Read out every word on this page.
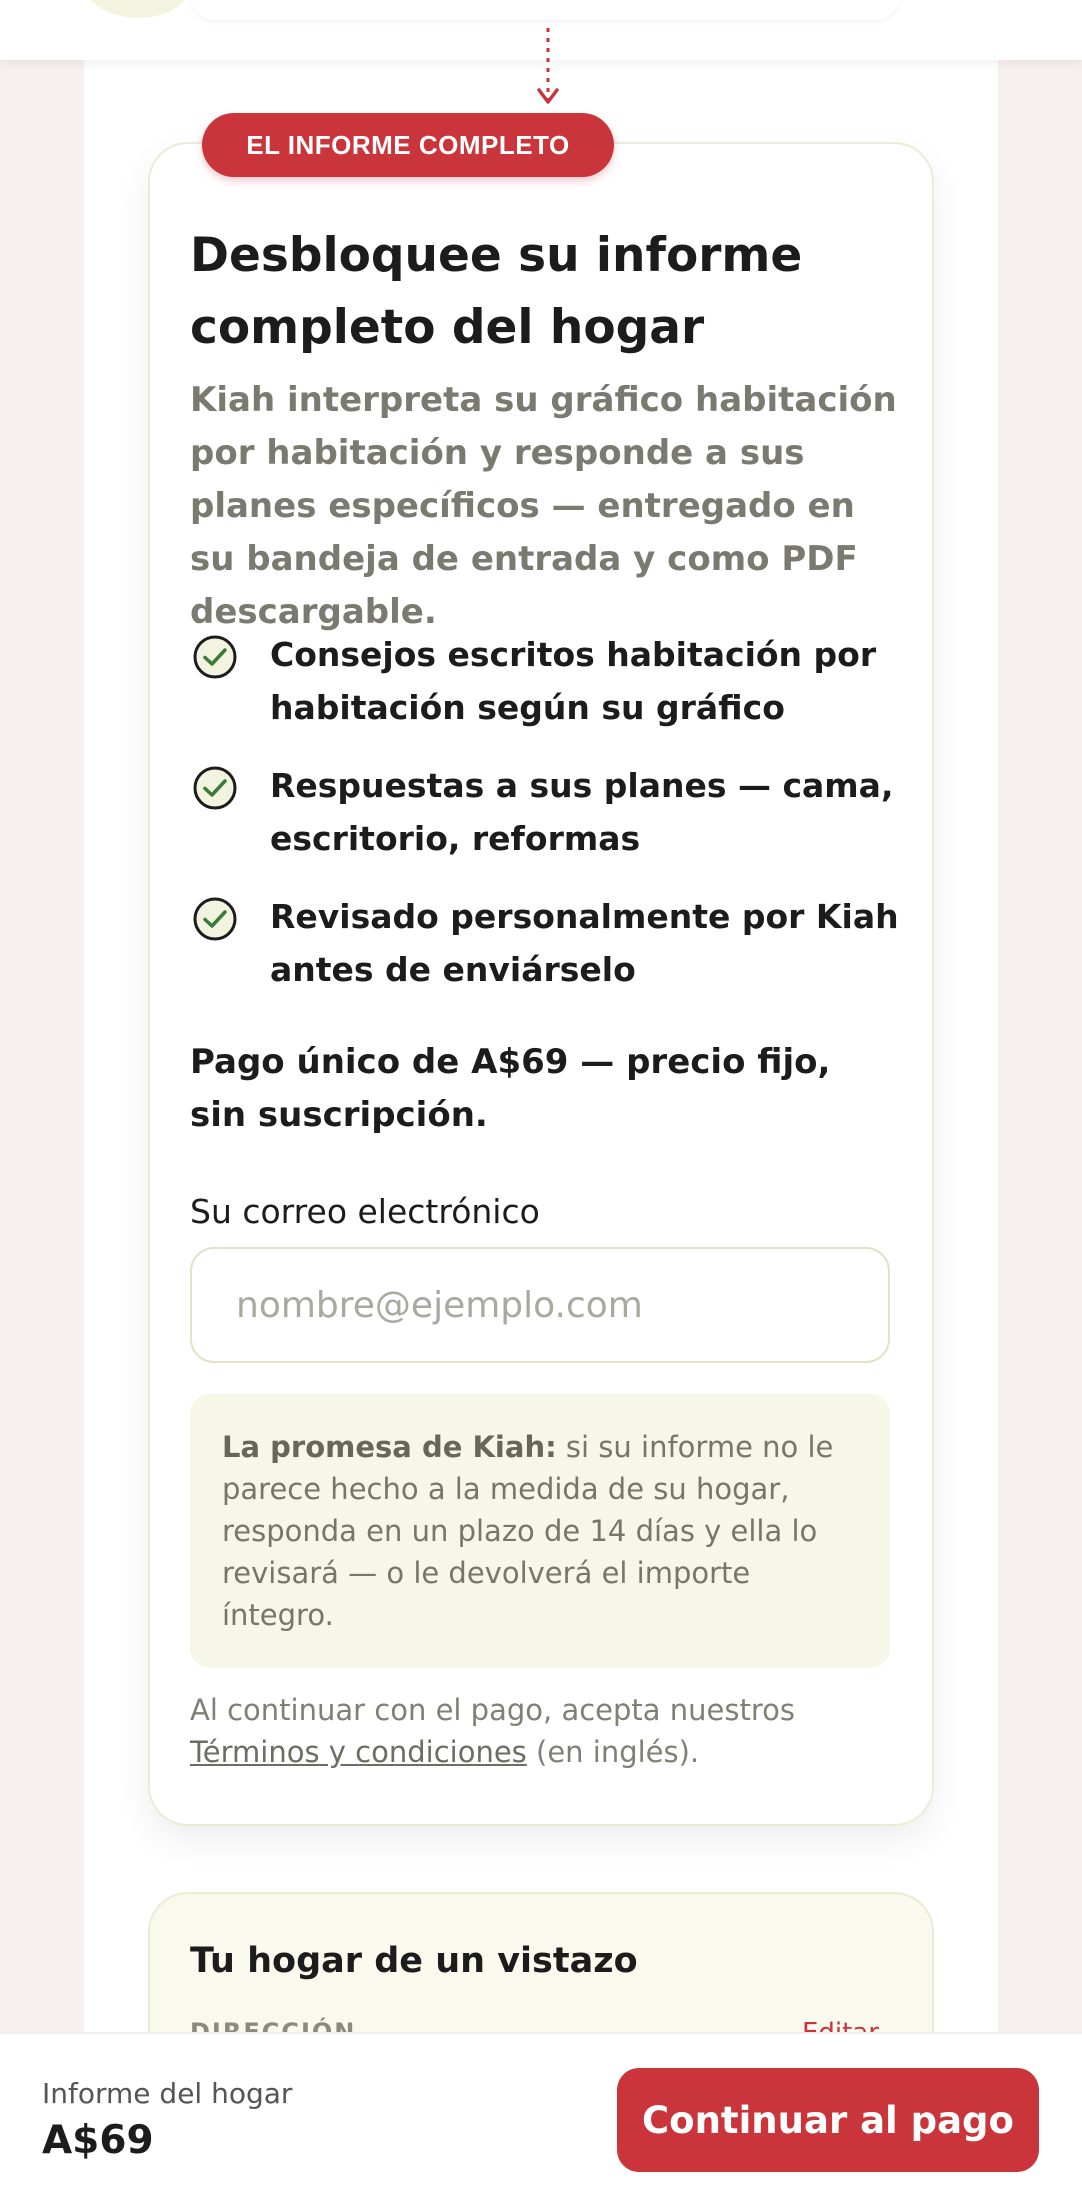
EL INFORME COMPLETO
Desbloquee su informe completo del hogar

Kiah interpreta su gráfico habitación por habitación y responde a sus planes específicos — entregado en su bandeja de entrada y como PDF descargable.

Consejos escritos habitación por habitación según su gráfico
Respuestas a sus planes — cama, escritorio, reformas
Revisado personalmente por Kiah antes de enviárselo

Pago único de A$69 — precio fijo, sin suscripción.

Su correo electrónico
nombre@ejemplo.com
La promesa de Kiah: si su informe no le parece hecho a la medida de su hogar, responda en un plazo de 14 días y ella lo revisará — o le devolverá el importe íntegro.

Al continuar con el pago, acepta nuestros Términos y condiciones (en inglés).

Tu hogar de un vistazo
Informe del hogar
A$69	Continuar al pago
